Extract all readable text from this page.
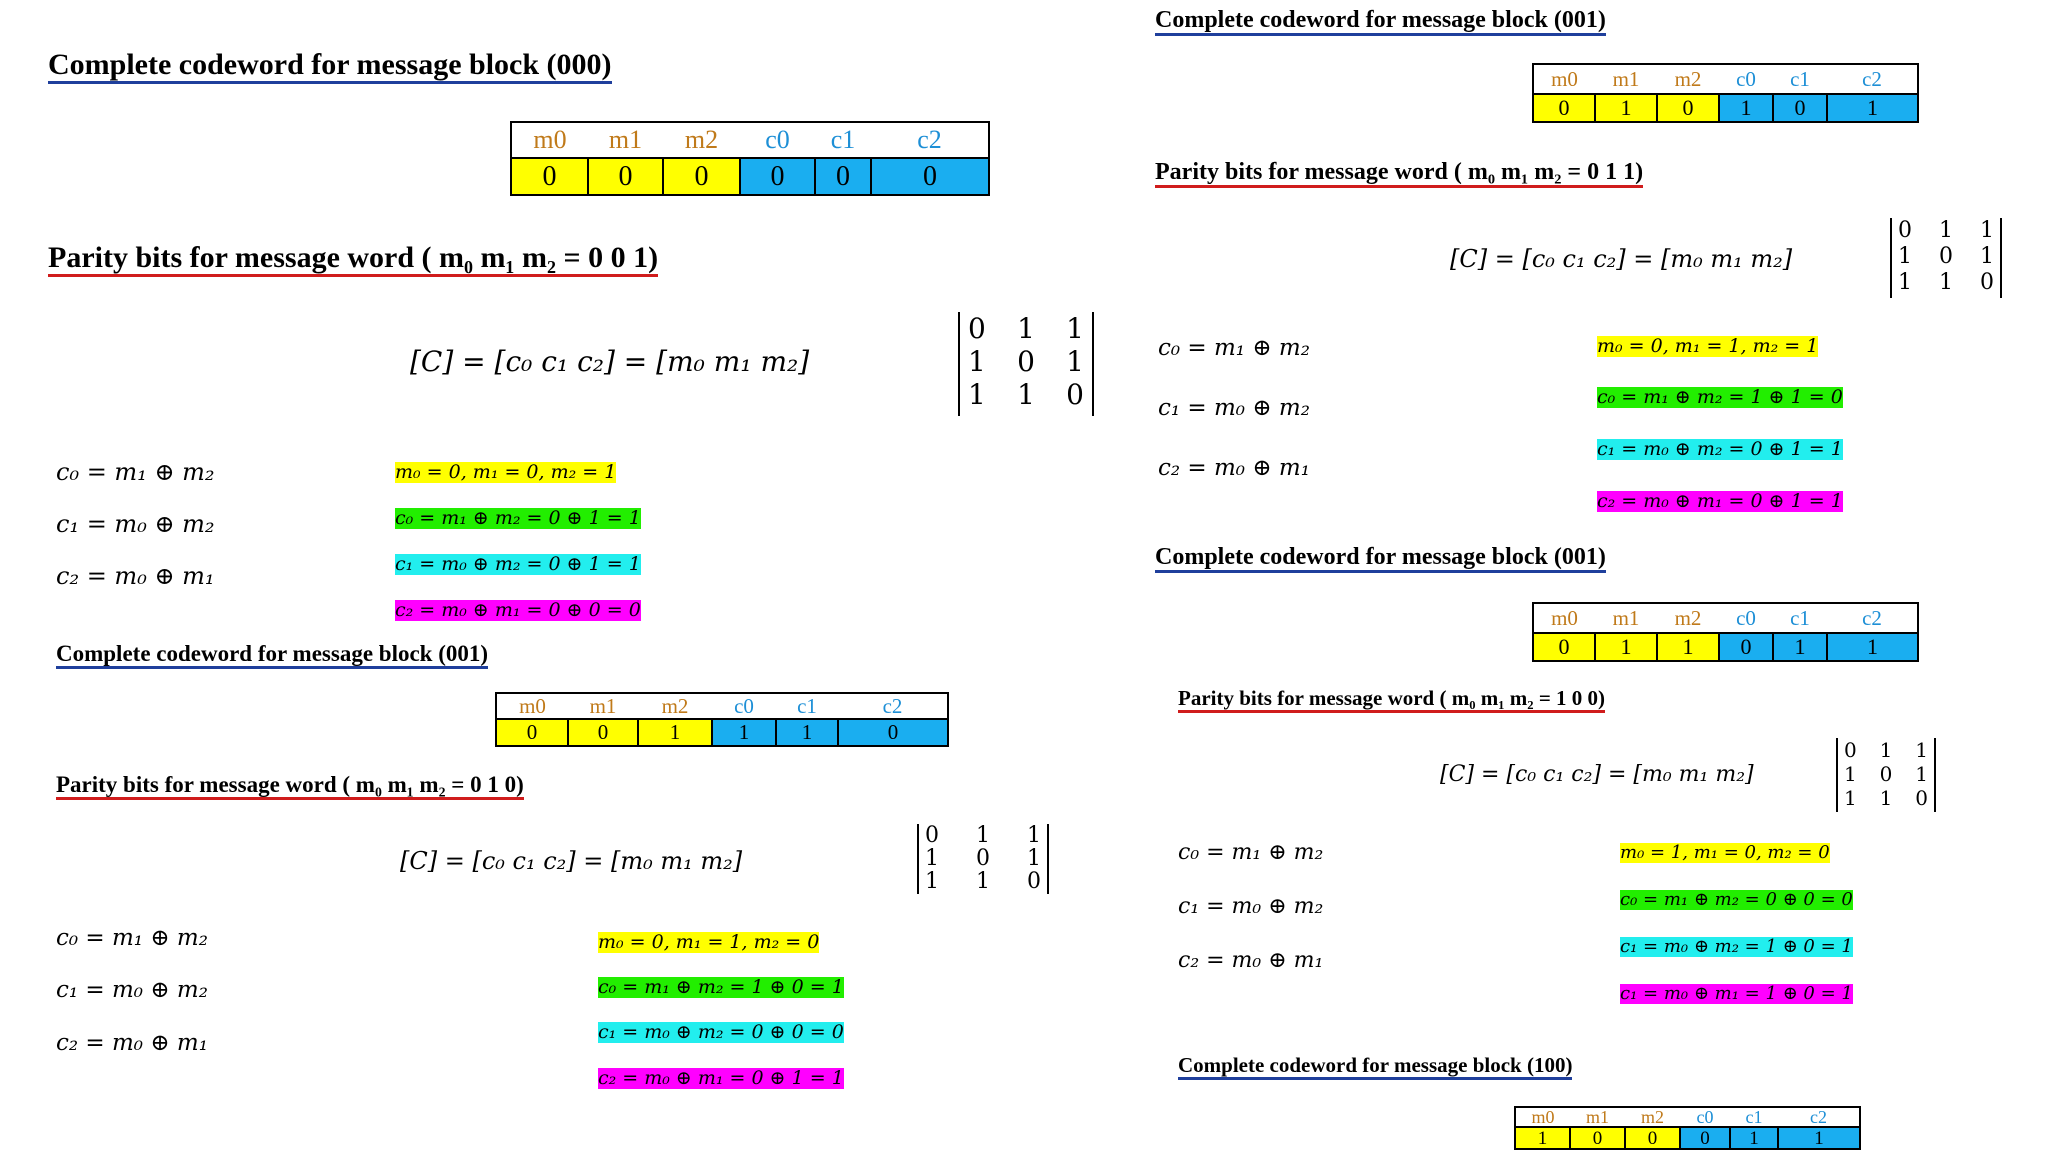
Complete codeword for message block (000)
m0	m1	m2	c0	c1	c2
0	0	0	0	0	0
Parity bits for message word ( m₀ m₁ m₂ = 0 0 1)
[C] = [c₀ c₁ c₂] = [m₀ m₁ m₂]
0 1 1
1 0 1
1 1 0
c₀ = m₁ ⊕ m₂
c₁ = m₀ ⊕ m₂
c₂ = m₀ ⊕ m₁
m₀ = 0, m₁ = 0, m₂ = 1
c₀ = m₁ ⊕ m₂ = 0 ⊕ 1 = 1
c₁ = m₀ ⊕ m₂ = 0 ⊕ 1 = 1
c₂ = m₀ ⊕ m₁ = 0 ⊕ 0 = 0
Complete codeword for message block (001)
m0	m1	m2	c0	c1	c2
0	0	1	1	1	0
Parity bits for message word ( m₀ m₁ m₂ = 0 1 0)
[C] = [c₀ c₁ c₂] = [m₀ m₁ m₂]
0 1 1
1 0 1
1 1 0
c₀ = m₁ ⊕ m₂
c₁ = m₀ ⊕ m₂
c₂ = m₀ ⊕ m₁
m₀ = 0, m₁ = 1, m₂ = 0
c₀ = m₁ ⊕ m₂ = 1 ⊕ 0 = 1
c₁ = m₀ ⊕ m₂ = 0 ⊕ 0 = 0
c₂ = m₀ ⊕ m₁ = 0 ⊕ 1 = 1
Complete codeword for message block (001)
m0	m1	m2	c0	c1	c2
0	1	0	1	0	1
Parity bits for message word ( m₀ m₁ m₂ = 0 1 1)
[C] = [c₀ c₁ c₂] = [m₀ m₁ m₂]
0 1 1
1 0 1
1 1 0
c₀ = m₁ ⊕ m₂
c₁ = m₀ ⊕ m₂
c₂ = m₀ ⊕ m₁
m₀ = 0, m₁ = 1, m₂ = 1
c₀ = m₁ ⊕ m₂ = 1 ⊕ 1 = 0
c₁ = m₀ ⊕ m₂ = 0 ⊕ 1 = 1
c₂ = m₀ ⊕ m₁ = 0 ⊕ 1 = 1
Complete codeword for message block (001)
m0	m1	m2	c0	c1	c2
0	1	1	0	1	1
Parity bits for message word ( m₀ m₁ m₂ = 1 0 0)
[C] = [c₀ c₁ c₂] = [m₀ m₁ m₂]
0 1 1
1 0 1
1 1 0
c₀ = m₁ ⊕ m₂
c₁ = m₀ ⊕ m₂
c₂ = m₀ ⊕ m₁
m₀ = 1, m₁ = 0, m₂ = 0
c₀ = m₁ ⊕ m₂ = 0 ⊕ 0 = 0
c₁ = m₀ ⊕ m₂ = 1 ⊕ 0 = 1
c₁ = m₀ ⊕ m₁ = 1 ⊕ 0 = 1
Complete codeword for message block (100)
m0	m1	m2	c0	c1	c2
1	0	0	0	1	1
